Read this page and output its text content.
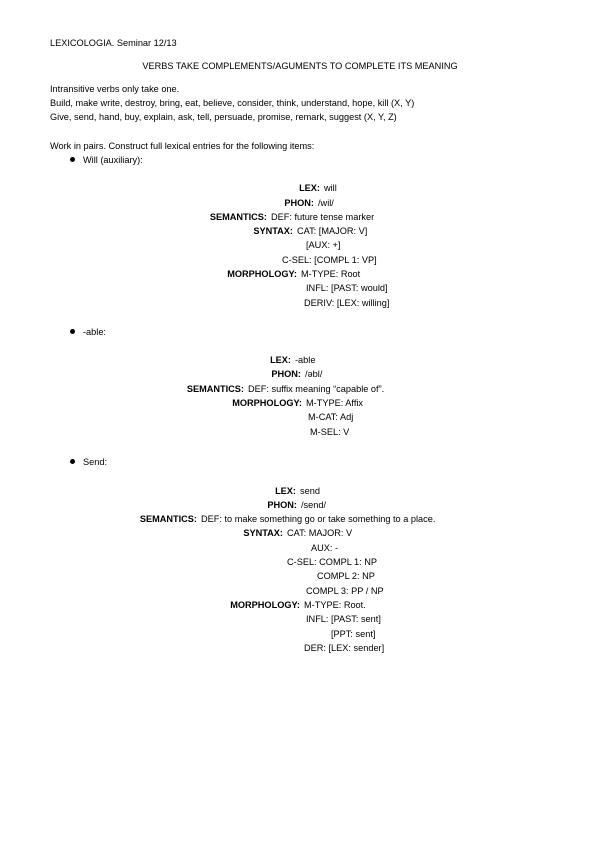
LEXICOLOGIA. Seminar 12/13
VERBS TAKE COMPLEMENTS/AGUMENTS TO COMPLETE ITS MEANING
Intransitive verbs only take one.
Build, make write, destroy, bring, eat, believe, consider, think, understand, hope, kill (X, Y)
Give, send, hand, buy, explain, ask, tell, persuade, promise, remark, suggest (X, Y, Z)
Work in pairs. Construct full lexical entries for the following items:
Will (auxiliary):
LEX: will
PHON: /wil/
SEMANTICS: DEF: future tense marker
SYNTAX: CAT: [MAJOR: V]
[AUX: +]
C-SEL: [COMPL 1: VP]
MORPHOLOGY: M-TYPE: Root
INFL: [PAST: would]
DERIV: [LEX: willing]
-able:
LEX: -able
PHON: /əbl/
SEMANTICS: DEF: suffix meaning “capable of”.
MORPHOLOGY: M-TYPE: Affix
M-CAT: Adj
M-SEL: V
Send:
LEX: send
PHON: /send/
SEMANTICS: DEF: to make something go or take something to a place.
SYNTAX: CAT: MAJOR: V
AUX: -
C-SEL: COMPL 1: NP
COMPL 2: NP
COMPL 3: PP / NP
MORPHOLOGY: M-TYPE: Root.
INFL: [PAST: sent]
[PPT: sent]
DER: [LEX: sender]
